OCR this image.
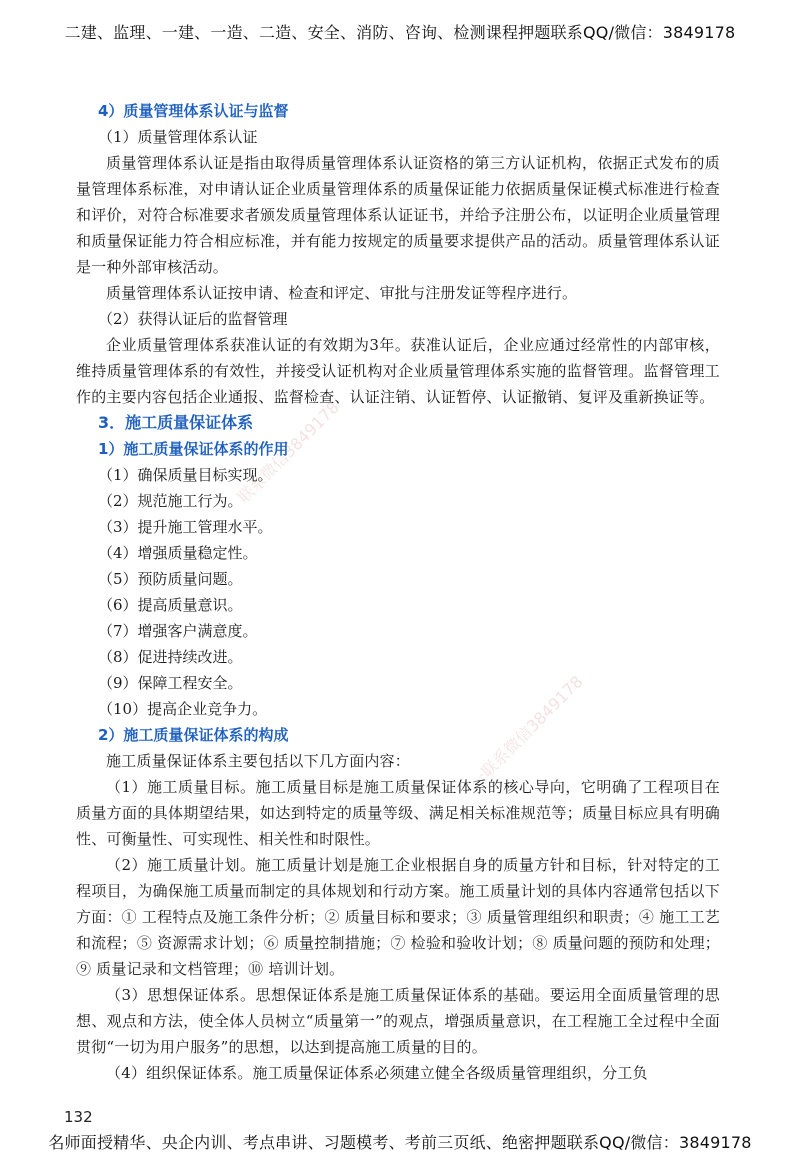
二建、监理、一建、一造、二造、安全、消防、咨询、检测课程押题联系QQ/微信：3849178
联系微信3849178
一联系微信3849178

4）质量管理体系认证与监督

（1）质量管理体系认证

质量管理体系认证是指由取得质量管理体系认证资格的第三方认证机构，依据正式发布的质量管理体系标准，对申请认证企业质量管理体系的质量保证能力依据质量保证模式标准进行检查和评价，对符合标准要求者颁发质量管理体系认证证书，并给予注册公布，以证明企业质量管理和质量保证能力符合相应标准，并有能力按规定的质量要求提供产品的活动。质量管理体系认证是一种外部审核活动。

质量管理体系认证按申请、检查和评定、审批与注册发证等程序进行。

（2）获得认证后的监督管理

企业质量管理体系获准认证的有效期为3年。获准认证后，企业应通过经常性的内部审核，维持质量管理体系的有效性，并接受认证机构对企业质量管理体系实施的监督管理。监督管理工作的主要内容包括企业通报、监督检查、认证注销、认证暂停、认证撤销、复评及重新换证等。

3．施工质量保证体系

1）施工质量保证体系的作用

（1）确保质量目标实现。

（2）规范施工行为。

（3）提升施工管理水平。

（4）增强质量稳定性。

（5）预防质量问题。

（6）提高质量意识。

（7）增强客户满意度。

（8）促进持续改进。

（9）保障工程安全。

（10）提高企业竞争力。

2）施工质量保证体系的构成

施工质量保证体系主要包括以下几方面内容：

（1）施工质量目标。施工质量目标是施工质量保证体系的核心导向，它明确了工程项目在质量方面的具体期望结果，如达到特定的质量等级、满足相关标准规范等；质量目标应具有明确性、可衡量性、可实现性、相关性和时限性。

（2）施工质量计划。施工质量计划是施工企业根据自身的质量方针和目标，针对特定的工程项目，为确保施工质量而制定的具体规划和行动方案。施工质量计划的具体内容通常包括以下方面：① 工程特点及施工条件分析；② 质量目标和要求；③ 质量管理组织和职责；④ 施工工艺和流程；⑤ 资源需求计划；⑥ 质量控制措施；⑦ 检验和验收计划；⑧ 质量问题的预防和处理；⑨ 质量记录和文档管理；⑩ 培训计划。

（3）思想保证体系。思想保证体系是施工质量保证体系的基础。要运用全面质量管理的思想、观点和方法，使全体人员树立“质量第一”的观点，增强质量意识，在工程施工全过程中全面贯彻“一切为用户服务”的思想，以达到提高施工质量的目的。

（4）组织保证体系。施工质量保证体系必须建立健全各级质量管理组织，分工负

132
名师面授精华、央企内训、考点串讲、习题模考、考前三页纸、绝密押题联系QQ/微信：3849178
